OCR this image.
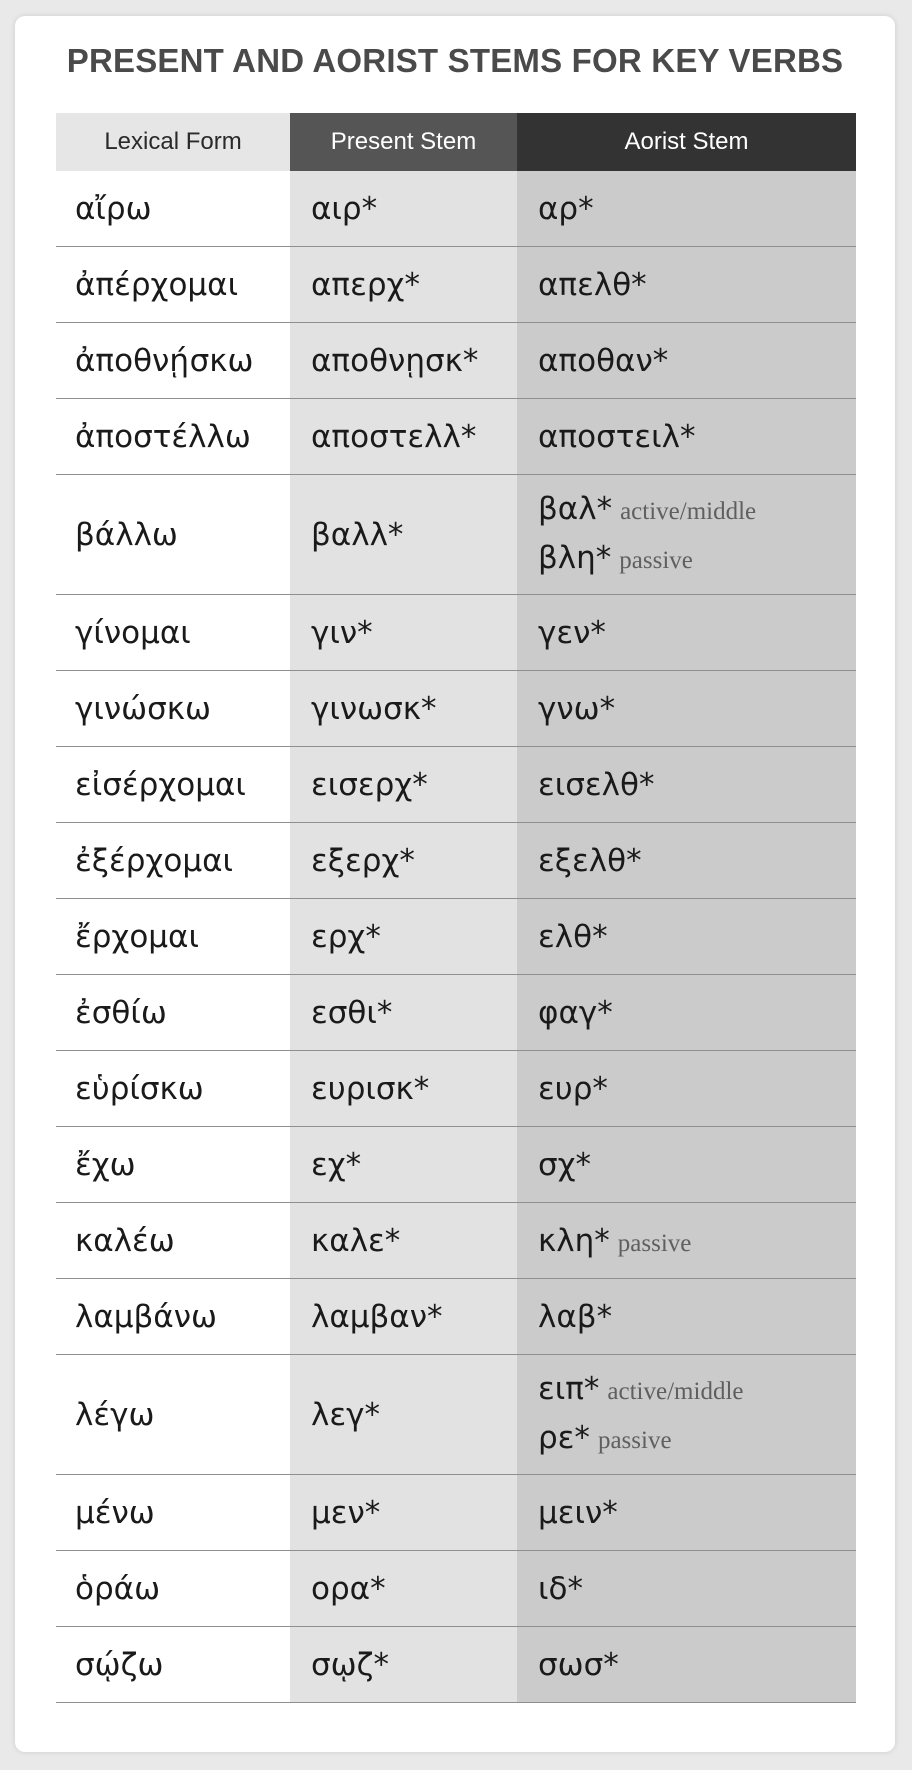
PRESENT AND AORIST STEMS FOR KEY VERBS
Lexical Form	Present Stem	Aorist Stem
αἴρω	αιρ*	αρ*
ἀπέρχομαι	απερχ*	απελθ*
ἀποθνῄσκω	αποθνῃσκ*	αποθαν*
ἀποστέλλω	αποστελλ*	αποστειλ*
βάλλω	βαλλ*	βαλ* active/middle
βλη* passive

γίνομαι	γιν*	γεν*
γινώσκω	γινωσκ*	γνω*
εἰσέρχομαι	εισερχ*	εισελθ*
ἐξέρχομαι	εξερχ*	εξελθ*
ἔρχομαι	ερχ*	ελθ*
ἐσθίω	εσθι*	φαγ*
εὑρίσκω	ευρισκ*	ευρ*
ἔχω	εχ*	σχ*
καλέω	καλε*	κλη* passive
λαμβάνω	λαμβαν*	λαβ*
λέγω	λεγ*	ειπ* active/middle
ρε* passive

μένω	μεν*	μειν*
ὁράω	ορα*	ιδ*
σῴζω	σῳζ*	σωσ*
